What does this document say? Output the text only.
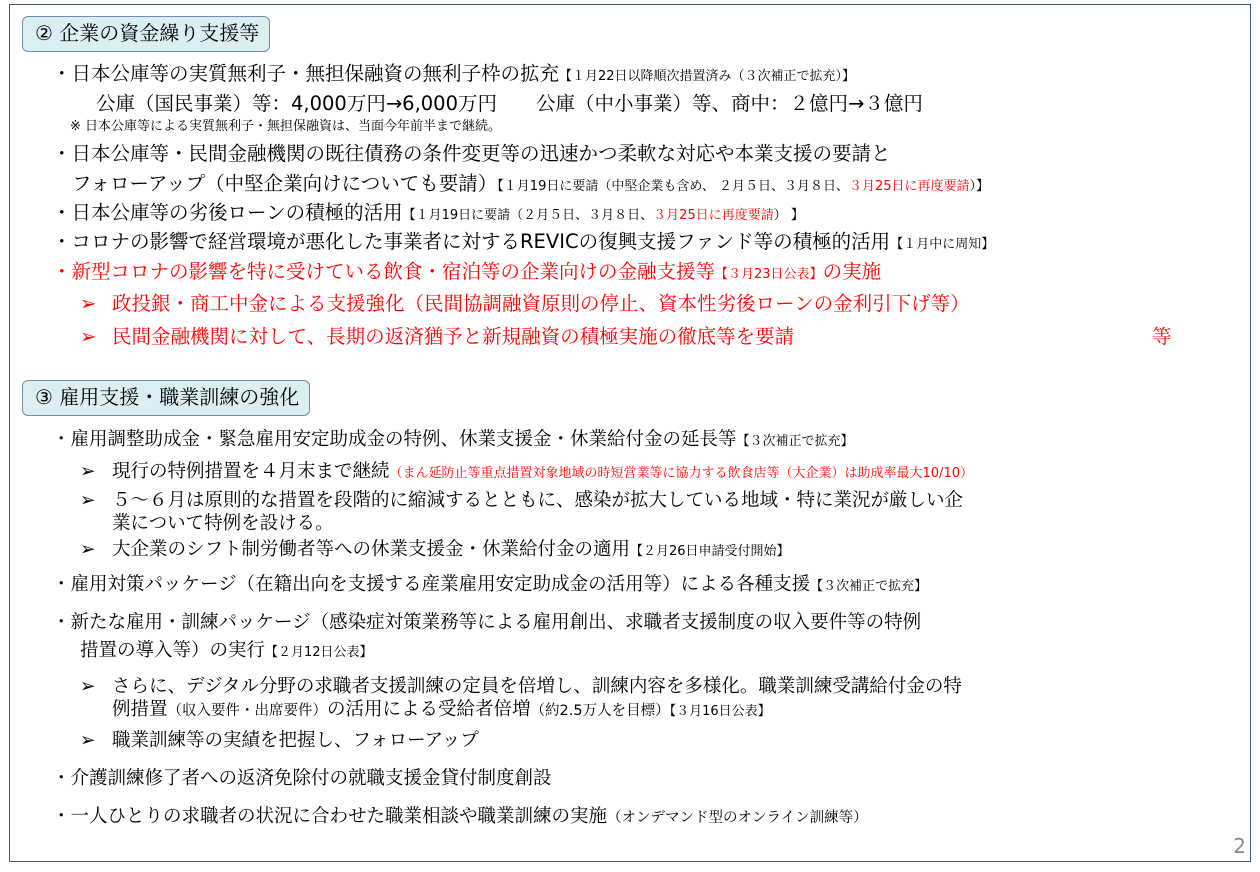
② 企業の資金繰り支援等
・日本公庫等の実質無利子・無担保融資の無利子枠の拡充【１月22日以降順次措置済み（３次補正で拡充）】
公庫（国民事業）等：4,000万円→6,000万円　　公庫（中小事業）等、商中：２億円→３億円
※ 日本公庫等による実質無利子・無担保融資は、当面今年前半まで継続。
・日本公庫等・民間金融機関の既往債務の条件変更等の迅速かつ柔軟な対応や本業支援の要請と
フォローアップ（中堅企業向けについても要請）【１月19日に要請（中堅企業も含め、 ２月５日、３月８日、３月25日に再度要請）】
・日本公庫等の劣後ローンの積極的活用【１月19日に要請（２月５日、３月８日、３月25日に再度要請） 】
・コロナの影響で経営環境が悪化した事業者に対するREVICの復興支援ファンド等の積極的活用【１月中に周知】
・新型コロナの影響を特に受けている飲食・宿泊等の企業向けの金融支援等【３月23日公表】の実施
➢ 政投銀・商工中金による支援強化（民間協調融資原則の停止、資本性劣後ローンの金利引下げ等）
➢ 民間金融機関に対して、長期の返済猶予と新規融資の積極実施の徹底等を要請	等
③ 雇用支援・職業訓練の強化
・雇用調整助成金・緊急雇用安定助成金の特例、休業支援金・休業給付金の延長等【３次補正で拡充】
➢ 現行の特例措置を４月末まで継続（まん延防止等重点措置対象地域の時短営業等に協力する飲食店等（大企業）は助成率最大10/10）
➢ ５～６月は原則的な措置を段階的に縮減するとともに、感染が拡大している地域・特に業況が厳しい企
業について特例を設ける。
➢ 大企業のシフト制労働者等への休業支援金・休業給付金の適用【２月26日申請受付開始】
・雇用対策パッケージ（在籍出向を支援する産業雇用安定助成金の活用等）による各種支援【３次補正で拡充】
・新たな雇用・訓練パッケージ（感染症対策業務等による雇用創出、求職者支援制度の収入要件等の特例
措置の導入等）の実行【２月12日公表】
➢ さらに、デジタル分野の求職者支援訓練の定員を倍増し、訓練内容を多様化。職業訓練受講給付金の特
例措置（収入要件・出席要件）の活用による受給者倍増（約2.5万人を目標）【３月16日公表】
➢ 職業訓練等の実績を把握し、フォローアップ
・介護訓練修了者への返済免除付の就職支援金貸付制度創設
・一人ひとりの求職者の状況に合わせた職業相談や職業訓練の実施（オンデマンド型のオンライン訓練等）
2
